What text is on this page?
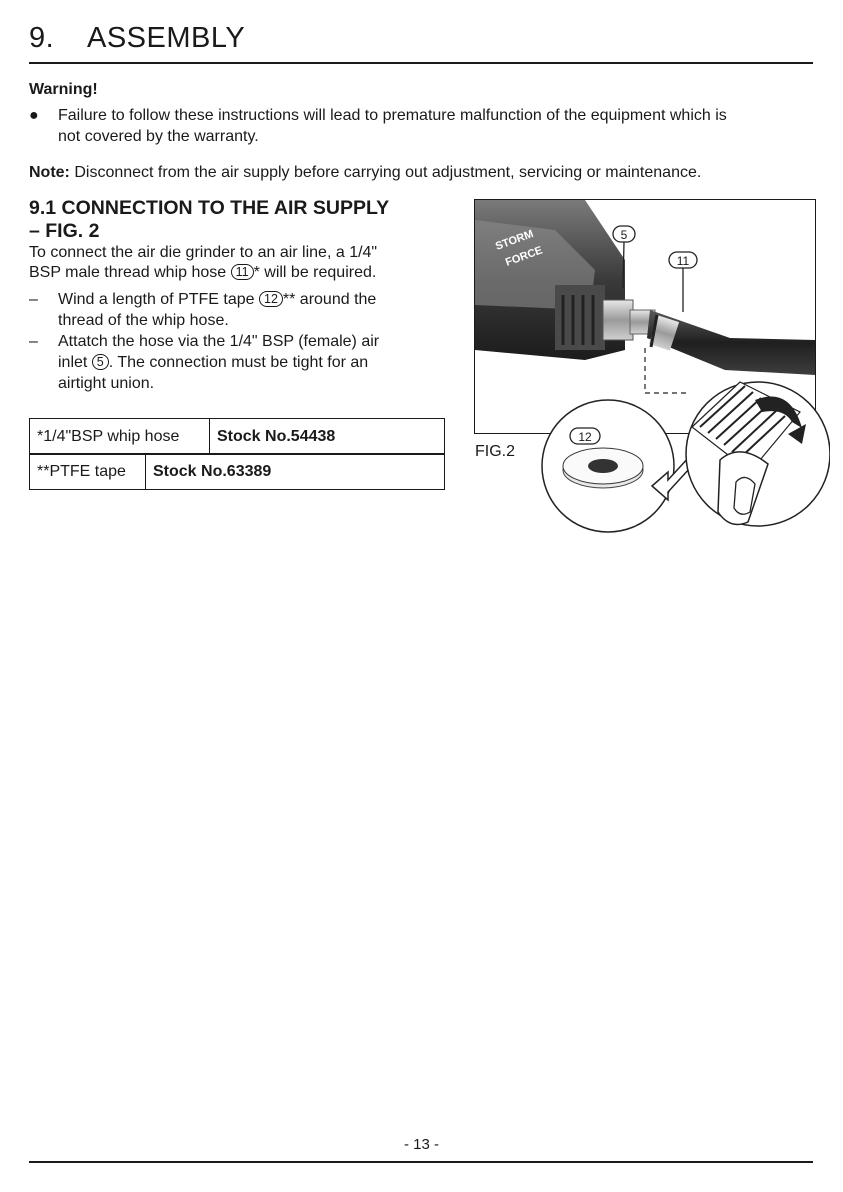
9. ASSEMBLY
Warning!
● Failure to follow these instructions will lead to premature malfunction of the equipment which is
not covered by the warranty.
Note: Disconnect from the air supply before carrying out adjustment, servicing or maintenance.
9.1 CONNECTION TO THE AIR SUPPLY
– FIG. 2
To connect the air die grinder to an air line, a 1/4"
BSP male thread whip hose 11 * will be required.
– Wind a length of PTFE tape 12 ** around the
thread of the whip hose.
– Attatch the hose via the 1/4" BSP (female) air
inlet 5 . The connection must be tight for an
airtight union.
*1/4"BSP whip hose	Stock No.54438
**PTFE tape	Stock No.63389
STORM
FORCE
5
11
12
FIG.2
- 13 -
